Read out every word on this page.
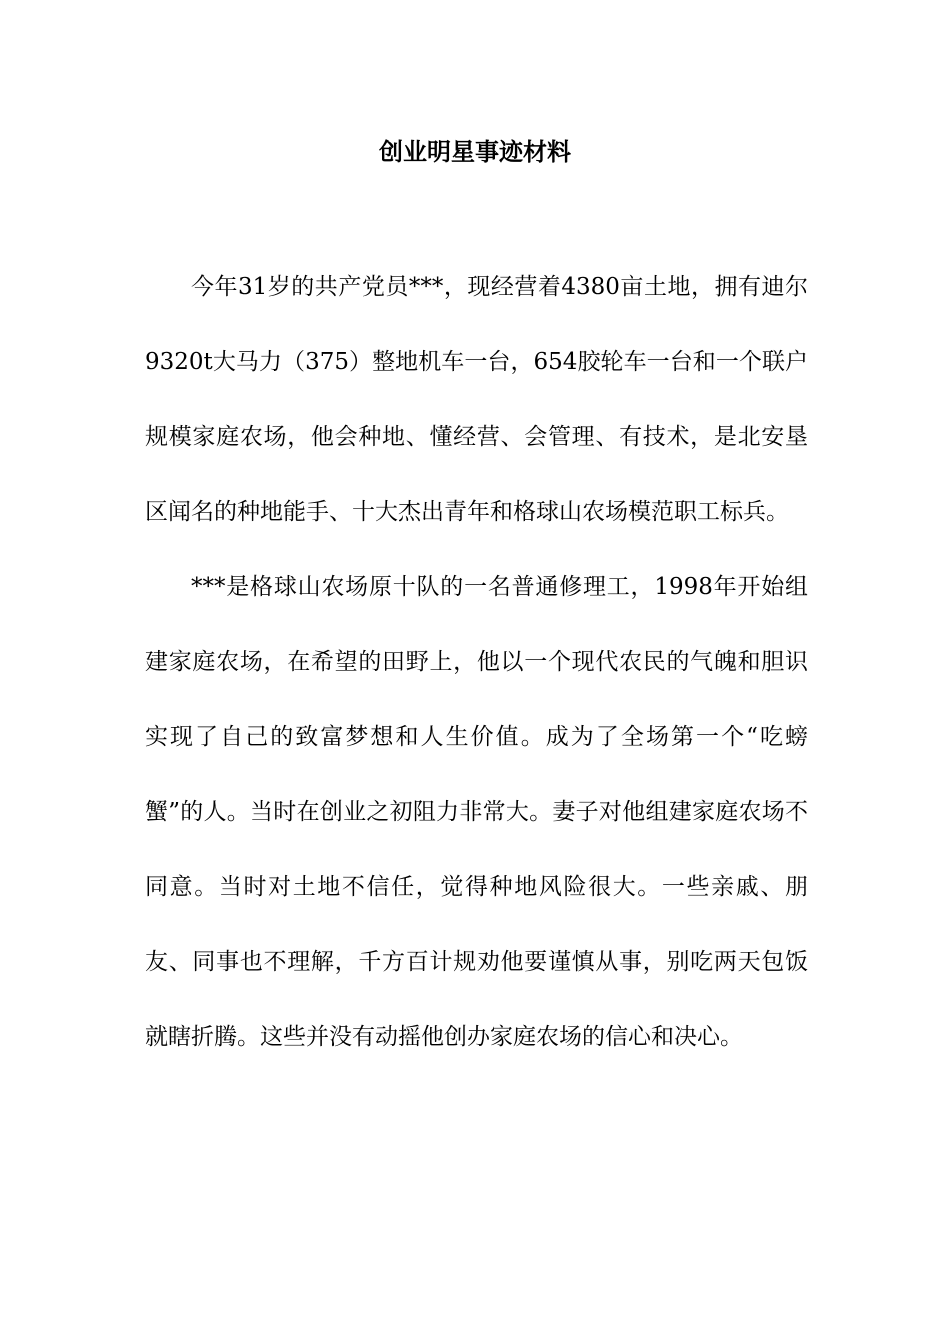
创业明星事迹材料

今年31岁的共产党员***，现经营着4380亩土地，拥有迪尔9320t大马力（375）整地机车一台，654胶轮车一台和一个联户规模家庭农场，他会种地、懂经营、会管理、有技术，是北安垦区闻名的种地能手、十大杰出青年和格球山农场模范职工标兵。

***是格球山农场原十队的一名普通修理工，1998年开始组建家庭农场，在希望的田野上，他以一个现代农民的气魄和胆识实现了自己的致富梦想和人生价值。成为了全场第一个“吃螃蟹”的人。当时在创业之初阻力非常大。妻子对他组建家庭农场不同意。当时对土地不信任，觉得种地风险很大。一些亲戚、朋友、同事也不理解，千方百计规劝他要谨慎从事，别吃两天包饭就瞎折腾。这些并没有动摇他创办家庭农场的信心和决心。
